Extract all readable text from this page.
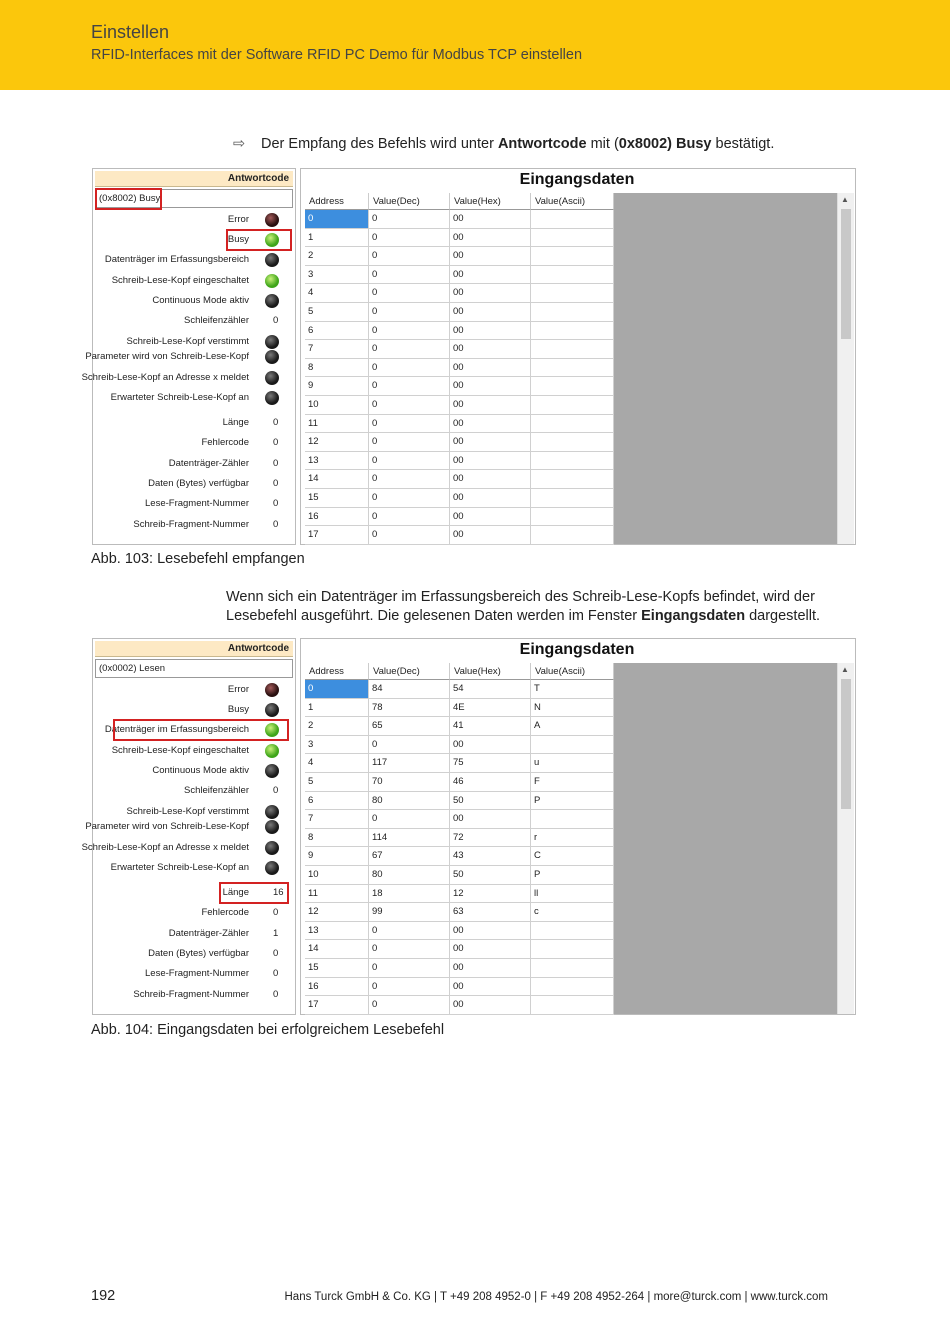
Einstellen
RFID-Interfaces mit der Software RFID PC Demo für Modbus TCP einstellen
⇨ Der Empfang des Befehls wird unter Antwortcode mit (0x8002) Busy bestätigt.
Antwortcode
(0x8002) Busy
Error
Busy
Datenträger im Erfassungsbereich
Schreib-Lese-Kopf eingeschaltet
Continuous Mode aktiv
Schleifenzähler	0
Schreib-Lese-Kopf verstimmt
Parameter wird von Schreib-Lese-Kopf
Schreib-Lese-Kopf an Adresse x meldet
Erwarteter Schreib-Lese-Kopf an
Länge	0
Fehlercode	0
Datenträger-Zähler	0
Daten (Bytes) verfügbar	0
Lese-Fragment-Nummer	0
Schreib-Fragment-Nummer	0
Eingangsdaten
Address	Value(Dec)	Value(Hex)	Value(Ascii)
0	0	00
1	0	00
2	0	00
3	0	00
4	0	00
5	0	00
6	0	00
7	0	00
8	0	00
9	0	00
10	0	00
11	0	00
12	0	00
13	0	00
14	0	00
15	0	00
16	0	00
17	0	00
▲
Abb. 103: Lesebefehl empfangen
Wenn sich ein Datenträger im Erfassungsbereich des Schreib-Lese-Kopfs befindet, wird der Lesebefehl ausgeführt. Die gelesenen Daten werden im Fenster Eingangsdaten dargestellt.
Antwortcode
(0x0002) Lesen
Error
Busy
Datenträger im Erfassungsbereich
Schreib-Lese-Kopf eingeschaltet
Continuous Mode aktiv
Schleifenzähler	0
Schreib-Lese-Kopf verstimmt
Parameter wird von Schreib-Lese-Kopf
Schreib-Lese-Kopf an Adresse x meldet
Erwarteter Schreib-Lese-Kopf an
Länge	16
Fehlercode	0
Datenträger-Zähler	1
Daten (Bytes) verfügbar	0
Lese-Fragment-Nummer	0
Schreib-Fragment-Nummer	0
Eingangsdaten
Address	Value(Dec)	Value(Hex)	Value(Ascii)
0	84	54	T
1	78	4E	N
2	65	41	A
3	0	00
4	117	75	u
5	70	46	F
6	80	50	P
7	0	00
8	114	72	r
9	67	43	C
10	80	50	P
11	18	12	ll
12	99	63	c
13	0	00
14	0	00
15	0	00
16	0	00
17	0	00
▲
Abb. 104: Eingangsdaten bei erfolgreichem Lesebefehl
192	Hans Turck GmbH & Co. KG | T +49 208 4952-0 | F +49 208 4952-264 | more@turck.com | www.turck.com
